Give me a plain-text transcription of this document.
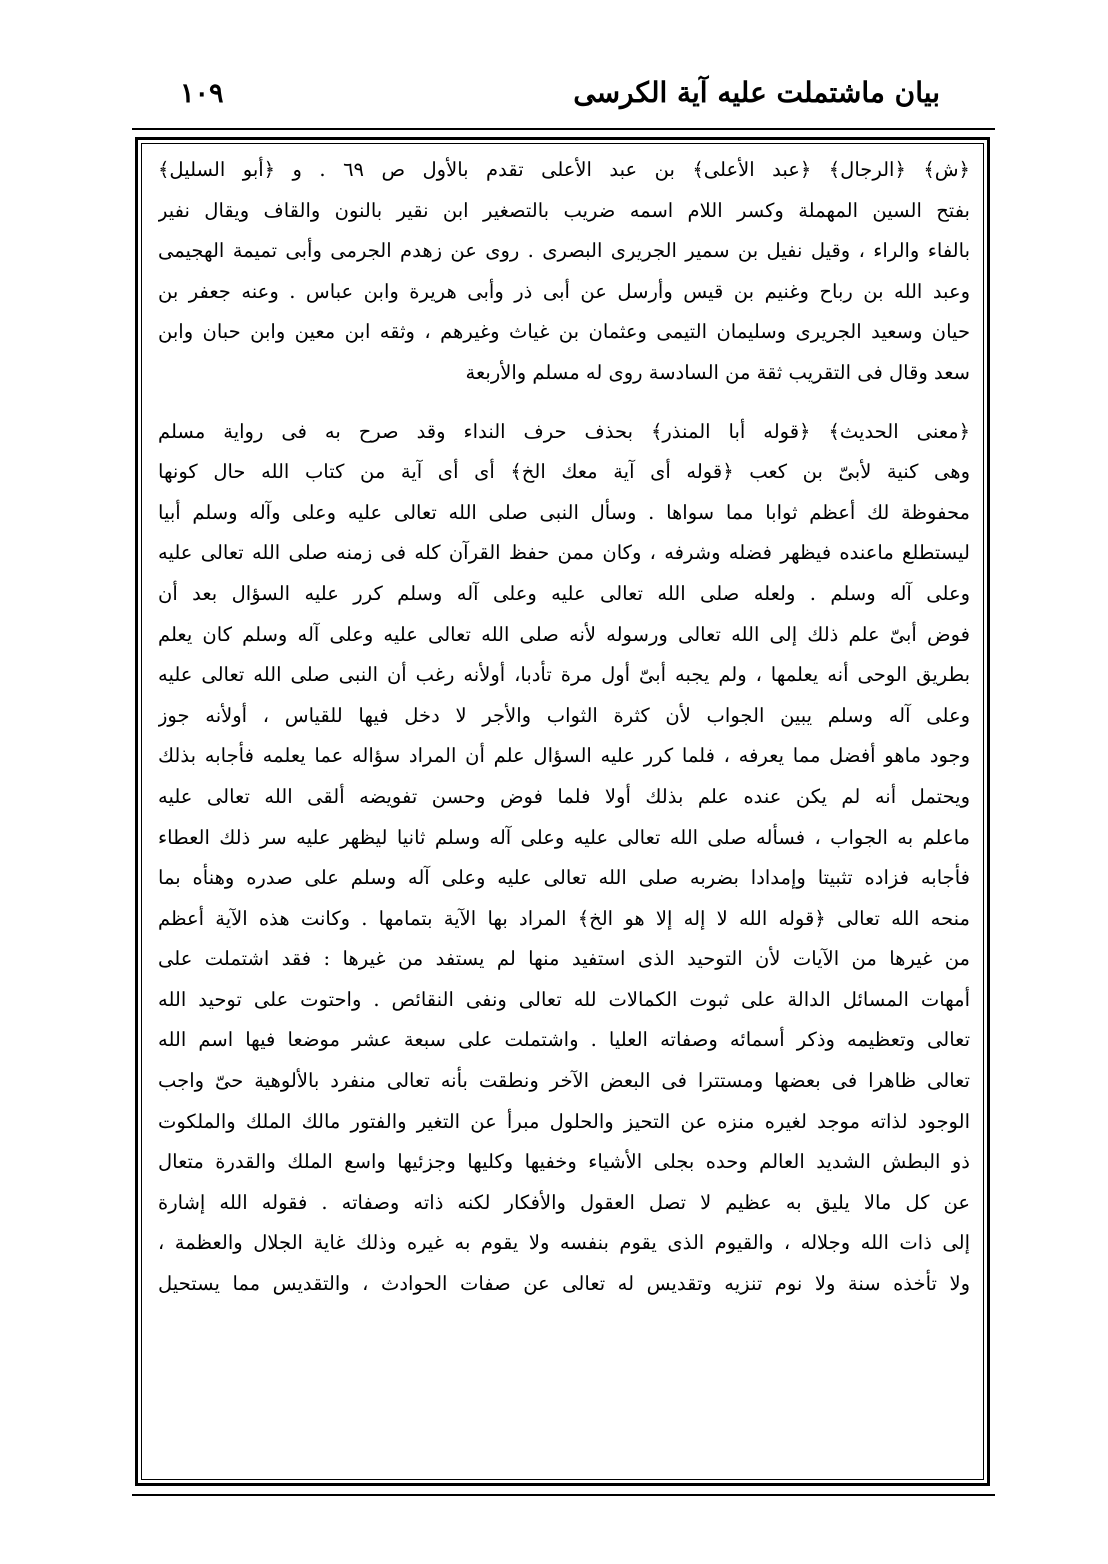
١٠٩	بيان ماشتملت عليه آية الكرسى
﴿ش﴾ ﴿الرجال﴾ ﴿عبد الأعلى﴾ بن عبد الأعلى تقدم بالأول ص ٦٩ . و ﴿أبو السليل﴾
بفتح السين المهملة وكسر اللام اسمه ضريب بالتصغير ابن نقير بالنون والقاف ويقال نفير
بالفاء والراء ، وقيل نفيل بن سمير الجريرى البصرى . روى عن زهدم الجرمى وأبى تميمة الهجيمى
وعبد الله بن رباح وغنيم بن قيس وأرسل عن أبى ذر وأبى هريرة وابن عباس . وعنه جعفر بن
حيان وسعيد الجريرى وسليمان التيمى وعثمان بن غياث وغيرهم ، وثقه ابن معين وابن حبان وابن
سعد وقال فى التقريب ثقة من السادسة روى له مسلم والأربعة
﴿معنى الحديث﴾ ﴿قوله أبا المنذر﴾ بحذف حرف النداء وقد صرح به فى رواية مسلم
وهى كنية لأبىّ بن كعب ﴿قوله أى آية معك الخ﴾ أى أى آية من كتاب الله حال كونها
محفوظة لك أعظم ثوابا مما سواها . وسأل النبى صلى الله تعالى عليه وعلى وآله وسلم أبيا
ليستطلع ماعنده فيظهر فضله وشرفه ، وكان ممن حفظ القرآن كله فى زمنه صلى الله تعالى عليه
وعلى آله وسلم . ولعله صلى الله تعالى عليه وعلى آله وسلم كرر عليه السؤال بعد أن
فوض أبىّ علم ذلك إلى الله تعالى ورسوله لأنه صلى الله تعالى عليه وعلى آله وسلم كان يعلم
بطريق الوحى أنه يعلمها ، ولم يجبه أبىّ أول مرة تأدبا، أولأنه رغب أن النبى صلى الله تعالى عليه
وعلى آله وسلم يبين الجواب لأن كثرة الثواب والأجر لا دخل فيها للقياس ، أولأنه جوز
وجود ماهو أفضل مما يعرفه ، فلما كرر عليه السؤال علم أن المراد سؤاله عما يعلمه فأجابه بذلك
ويحتمل أنه لم يكن عنده علم بذلك أولا فلما فوض وحسن تفويضه ألقى الله تعالى عليه
ماعلم به الجواب ، فسأله صلى الله تعالى عليه وعلى آله وسلم ثانيا ليظهر عليه سر ذلك العطاء
فأجابه فزاده تثبيتا وإمدادا بضربه صلى الله تعالى عليه وعلى آله وسلم على صدره وهنأه بما
منحه الله تعالى ﴿قوله الله لا إله إلا هو الخ﴾ المراد بها الآية بتمامها . وكانت هذه الآية أعظم
من غيرها من الآيات لأن التوحيد الذى استفيد منها لم يستفد من غيرها : فقد اشتملت على
أمهات المسائل الدالة على ثبوت الكمالات لله تعالى ونفى النقائص . واحتوت على توحيد الله
تعالى وتعظيمه وذكر أسمائه وصفاته العليا . واشتملت على سبعة عشر موضعا فيها اسم الله
تعالى ظاهرا فى بعضها ومستترا فى البعض الآخر ونطقت بأنه تعالى منفرد بالألوهية حىّ واجب
الوجود لذاته موجد لغيره منزه عن التحيز والحلول مبرأ عن التغير والفتور مالك الملك والملكوت
ذو البطش الشديد العالم وحده بجلى الأشياء وخفيها وكليها وجزئيها واسع الملك والقدرة متعال
عن كل مالا يليق به عظيم لا تصل العقول والأفكار لكنه ذاته وصفاته . فقوله الله إشارة
إلى ذات الله وجلاله ، والقيوم الذى يقوم بنفسه ولا يقوم به غيره وذلك غاية الجلال والعظمة ،
ولا تأخذه سنة ولا نوم تنزيه وتقديس له تعالى عن صفات الحوادث ، والتقديس مما يستحيل
